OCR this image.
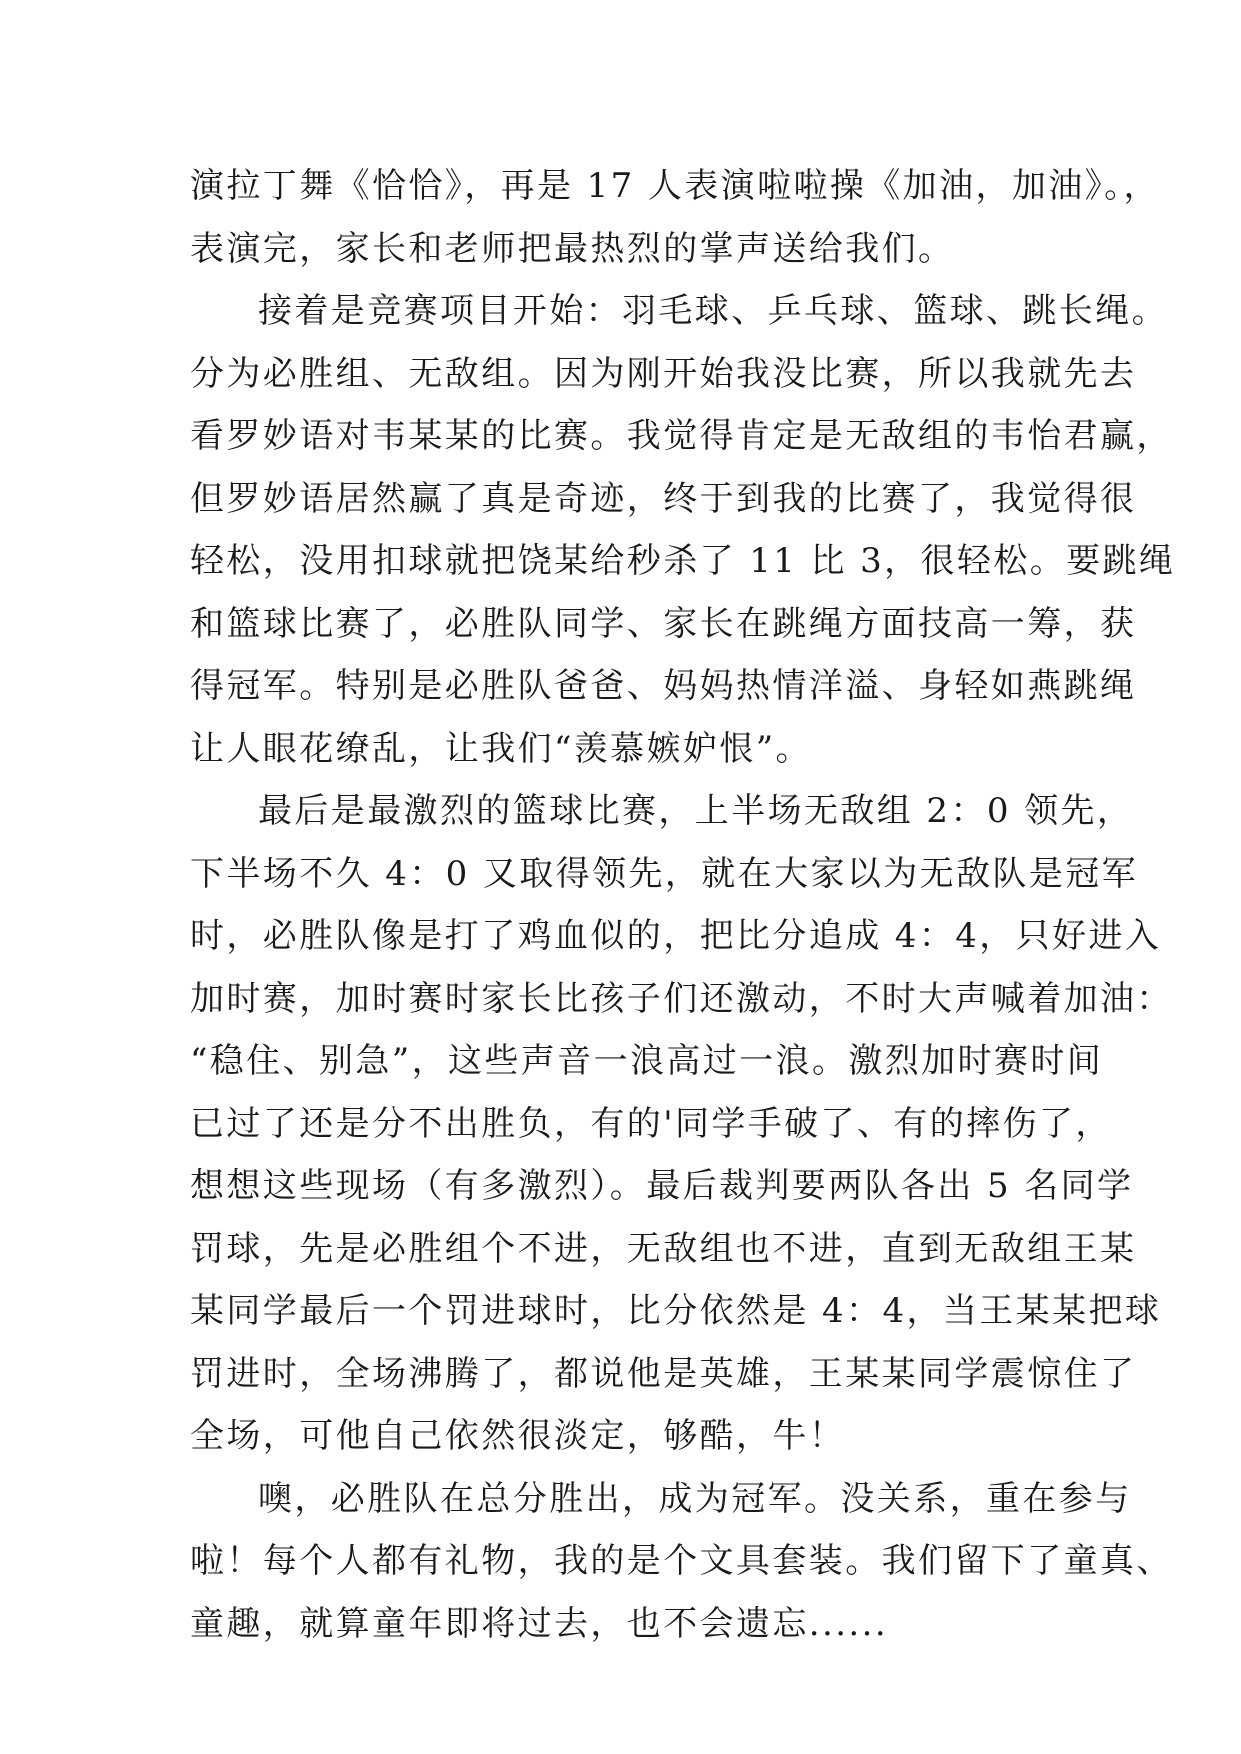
演拉丁舞《恰恰》，再是 17 人表演啦啦操《加油，加油》。，
表演完，家长和老师把最热烈的掌声送给我们。
接着是竞赛项目开始：羽毛球、乒乓球、篮球、跳长绳。
分为必胜组、无敌组。因为刚开始我没比赛，所以我就先去
看罗妙语对韦某某的比赛。我觉得肯定是无敌组的韦怡君赢，
但罗妙语居然赢了真是奇迹，终于到我的比赛了，我觉得很
轻松，没用扣球就把饶某给秒杀了 11 比 3，很轻松。要跳绳
和篮球比赛了，必胜队同学、家长在跳绳方面技高一筹，获
得冠军。特别是必胜队爸爸、妈妈热情洋溢、身轻如燕跳绳
让人眼花缭乱，让我们“羡慕嫉妒恨”。
最后是最激烈的篮球比赛，上半场无敌组 2：0 领先，
下半场不久 4：0 又取得领先，就在大家以为无敌队是冠军
时，必胜队像是打了鸡血似的，把比分追成 4：4，只好进入
加时赛，加时赛时家长比孩子们还激动，不时大声喊着加油：
“稳住、别急”，这些声音一浪高过一浪。激烈加时赛时间
已过了还是分不出胜负，有的'同学手破了、有的摔伤了，
想想这些现场（有多激烈）。最后裁判要两队各出 5 名同学
罚球，先是必胜组个不进，无敌组也不进，直到无敌组王某
某同学最后一个罚进球时，比分依然是 4：4，当王某某把球
罚进时，全场沸腾了，都说他是英雄，王某某同学震惊住了
全场，可他自己依然很淡定，够酷，牛！
噢，必胜队在总分胜出，成为冠军。没关系，重在参与
啦！每个人都有礼物，我的是个文具套装。我们留下了童真、
童趣，就算童年即将过去，也不会遗忘......
